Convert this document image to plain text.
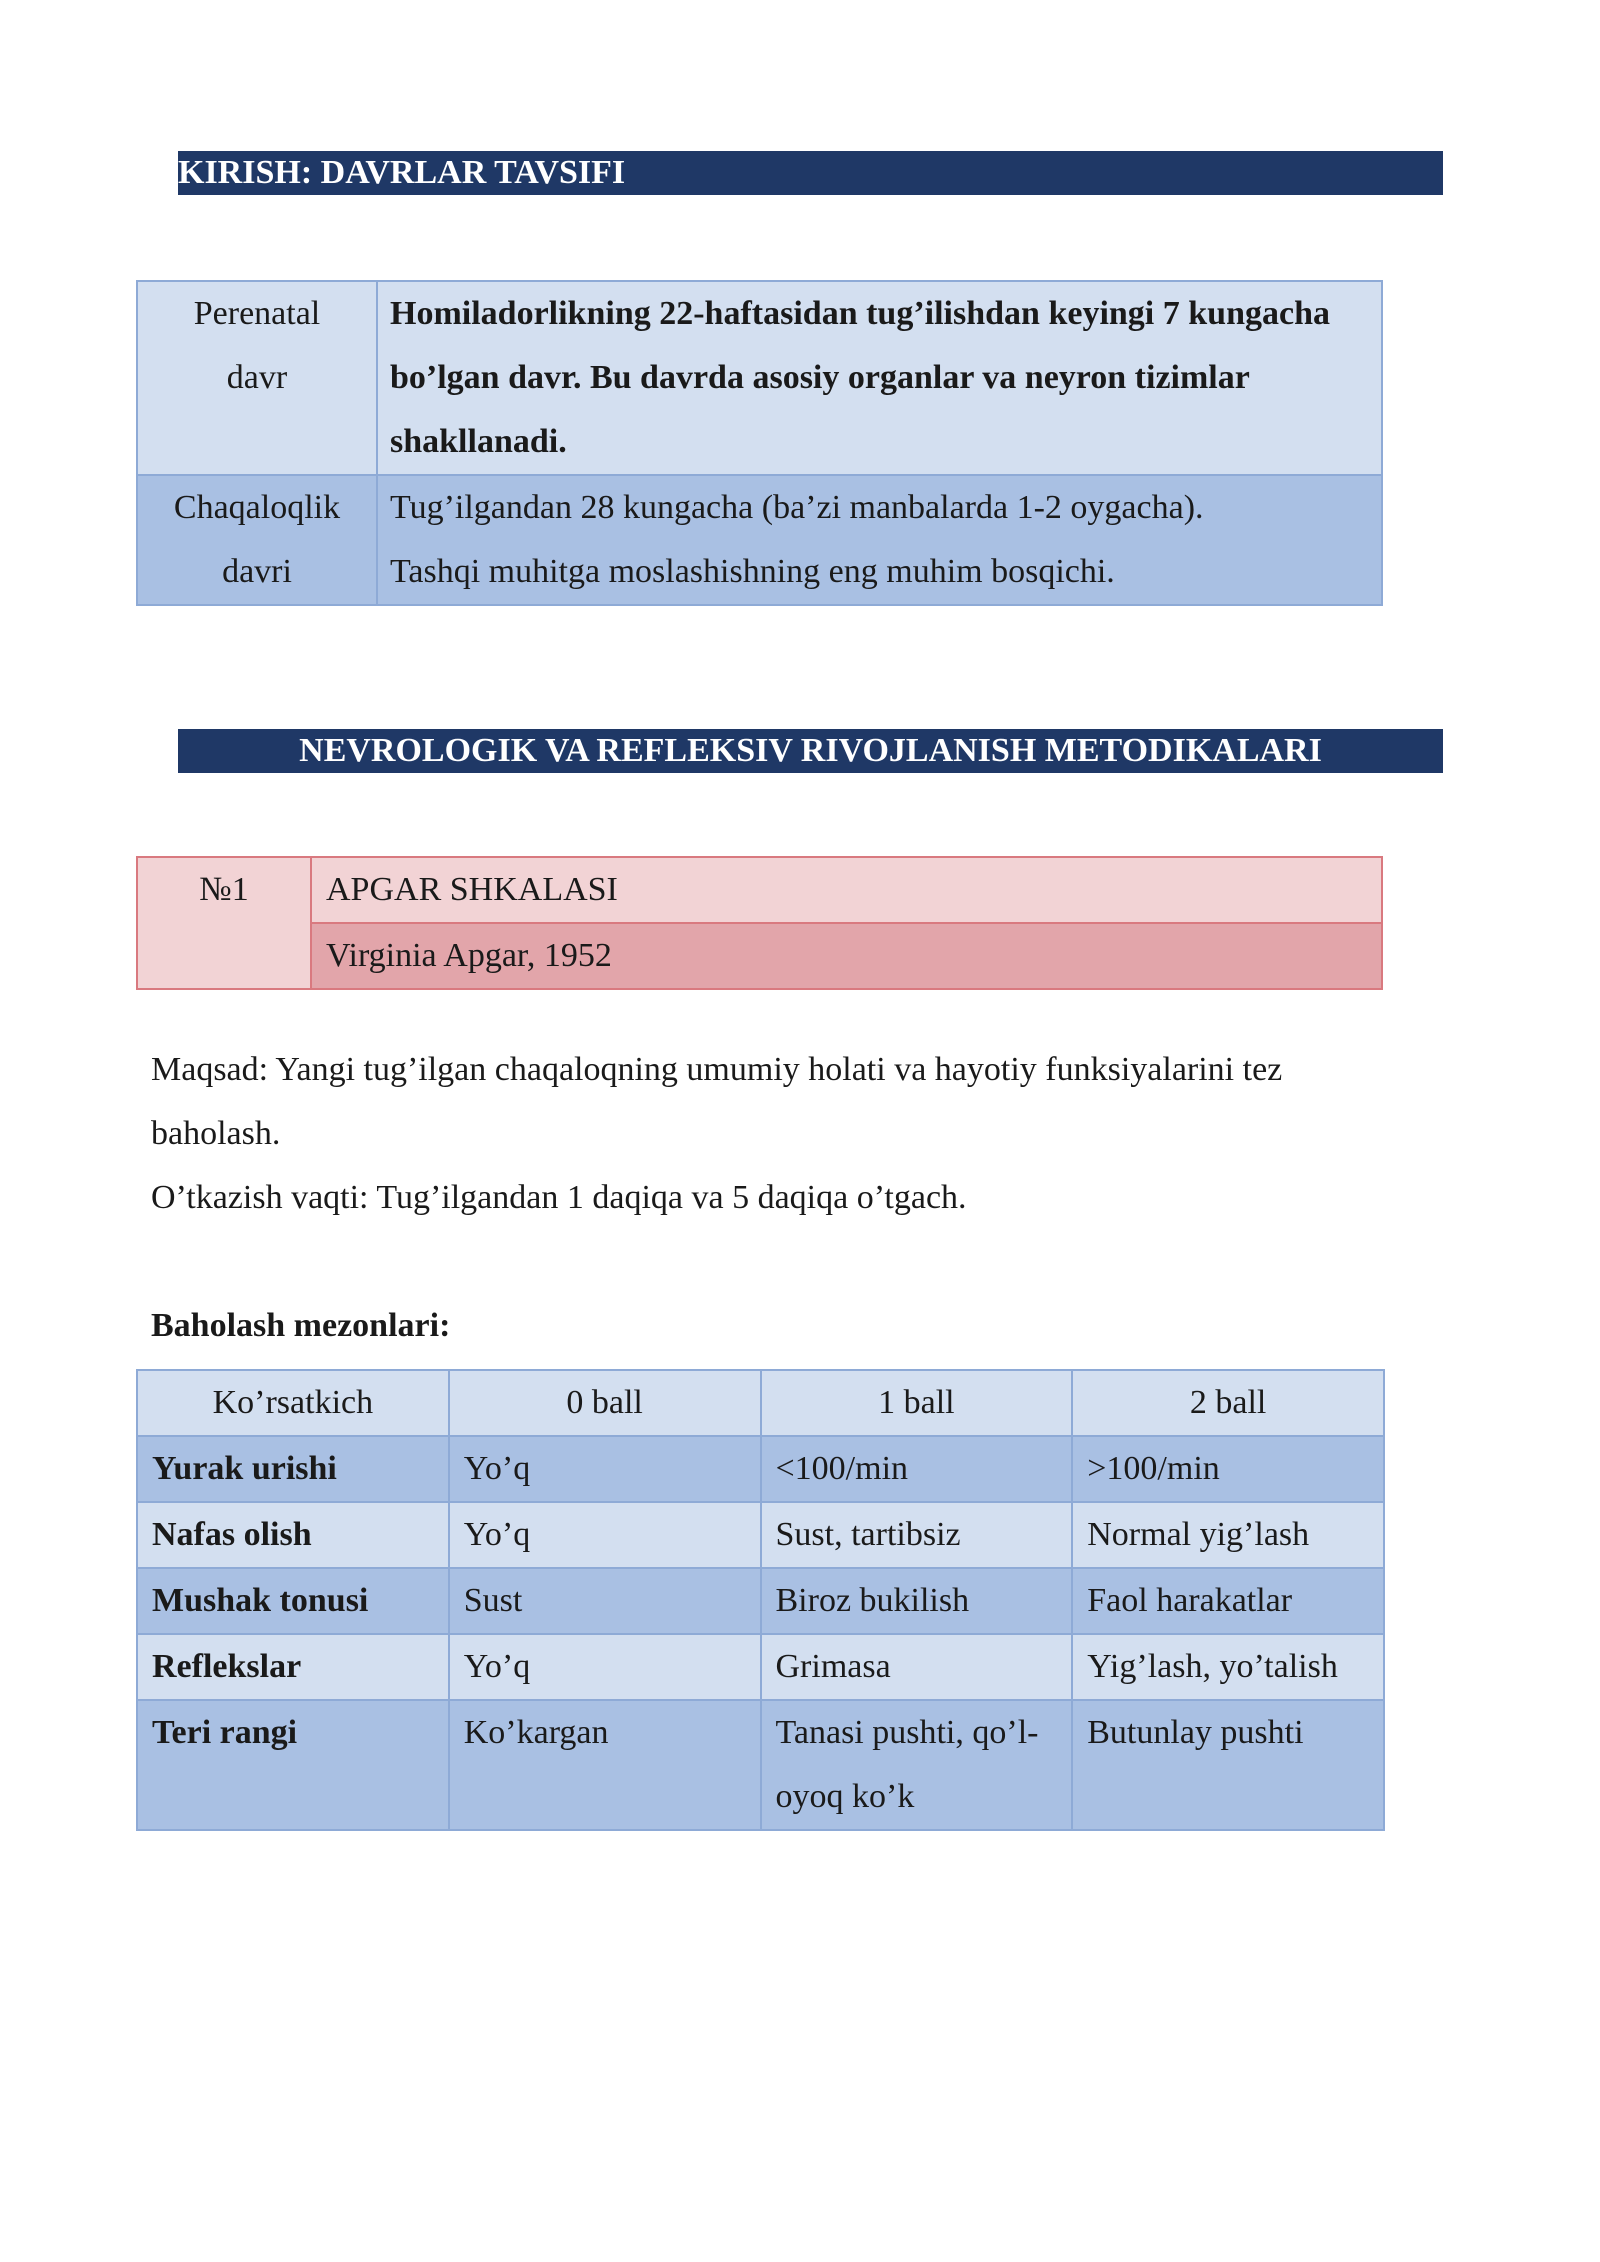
KIRISH: DAVRLAR TAVSIFI
Perenatal
davr	Homiladorlikning 22-haftasidan tug’ilishdan keyingi 7 kungacha bo’lgan davr. Bu davrda asosiy organlar va neyron tizimlar shakllanadi.
Chaqaloqlik
davri	Tug’ilgandan 28 kungacha (ba’zi manbalarda 1-2 oygacha).
Tashqi muhitga moslashishning eng muhim bosqichi.
NEVROLOGIK VA REFLEKSIV RIVOJLANISH METODIKALARI
№1	APGAR SHKALASI
Virginia Apgar, 1952

Maqsad: Yangi tug’ilgan chaqaloqning umumiy holati va hayotiy funksiyalarini tez baholash.

O’tkazish vaqti: Tug’ilgandan 1 daqiqa va 5 daqiqa o’tgach.

Baholash mezonlari:

Ko’rsatkich	0 ball	1 ball	2 ball
Yurak urishi	Yo’q	<100/min	>100/min
Nafas olish	Yo’q	Sust, tartibsiz	Normal yig’lash
Mushak tonusi	Sust	Biroz bukilish	Faol harakatlar
Reflekslar	Yo’q	Grimasa	Yig’lash, yo’talish
Teri rangi	Ko’kargan	Tanasi pushti, qo’l-oyoq ko’k	Butunlay pushti
